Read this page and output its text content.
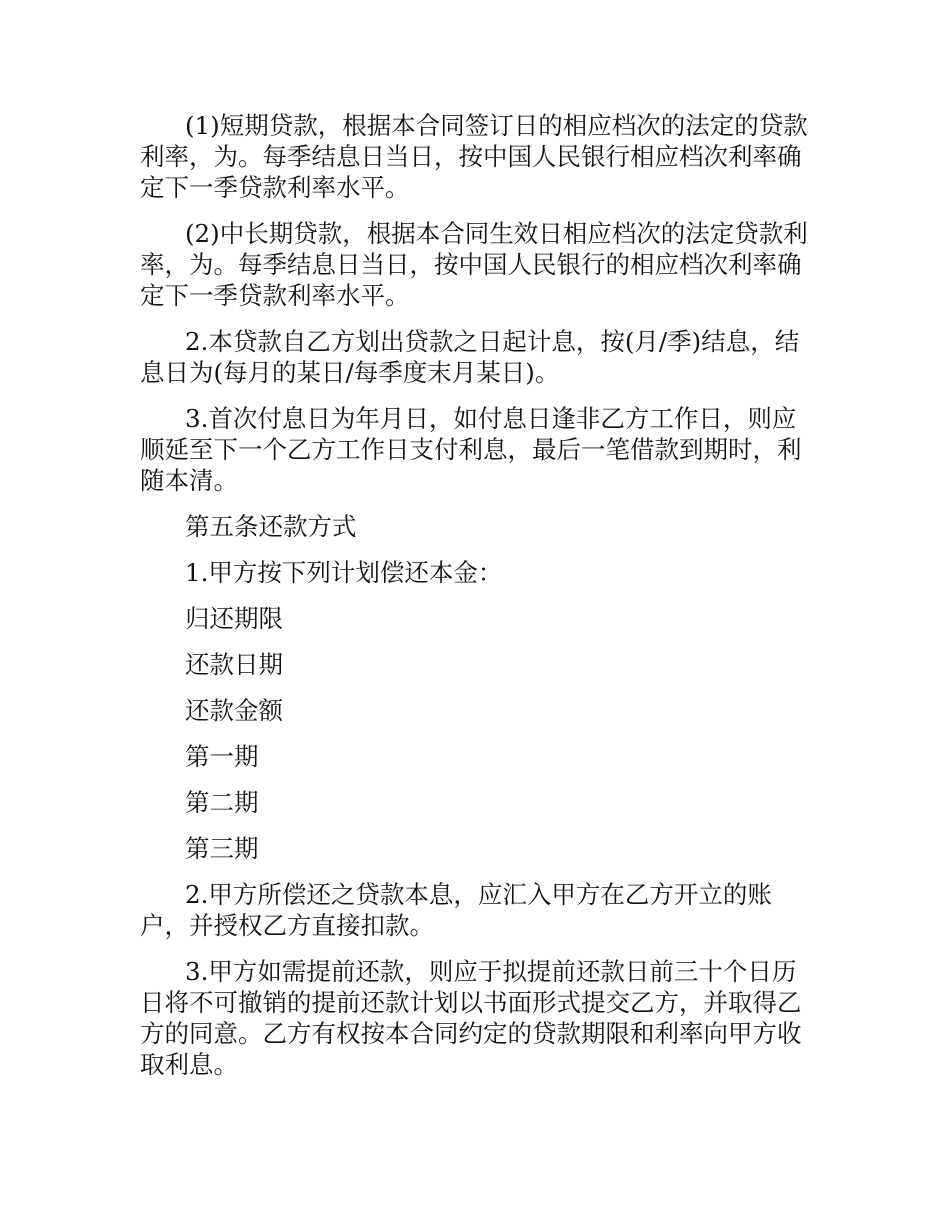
(1)短期贷款，根据本合同签订日的相应档次的法定的贷款利率，为。每季结息日当日，按中国人民银行相应档次利率确定下一季贷款利率水平。

(2)中长期贷款，根据本合同生效日相应档次的法定贷款利率，为。每季结息日当日，按中国人民银行的相应档次利率确定下一季贷款利率水平。

2.本贷款自乙方划出贷款之日起计息，按(月/季)结息，结息日为(每月的某日/每季度末月某日)。

3.首次付息日为年月日，如付息日逢非乙方工作日，则应顺延至下一个乙方工作日支付利息，最后一笔借款到期时，利随本清。

第五条还款方式

1.甲方按下列计划偿还本金：

归还期限

还款日期

还款金额

第一期

第二期

第三期

2.甲方所偿还之贷款本息，应汇入甲方在乙方开立的账户，并授权乙方直接扣款。

3.甲方如需提前还款，则应于拟提前还款日前三十个日历日将不可撤销的提前还款计划以书面形式提交乙方，并取得乙方的同意。乙方有权按本合同约定的贷款期限和利率向甲方收取利息。
